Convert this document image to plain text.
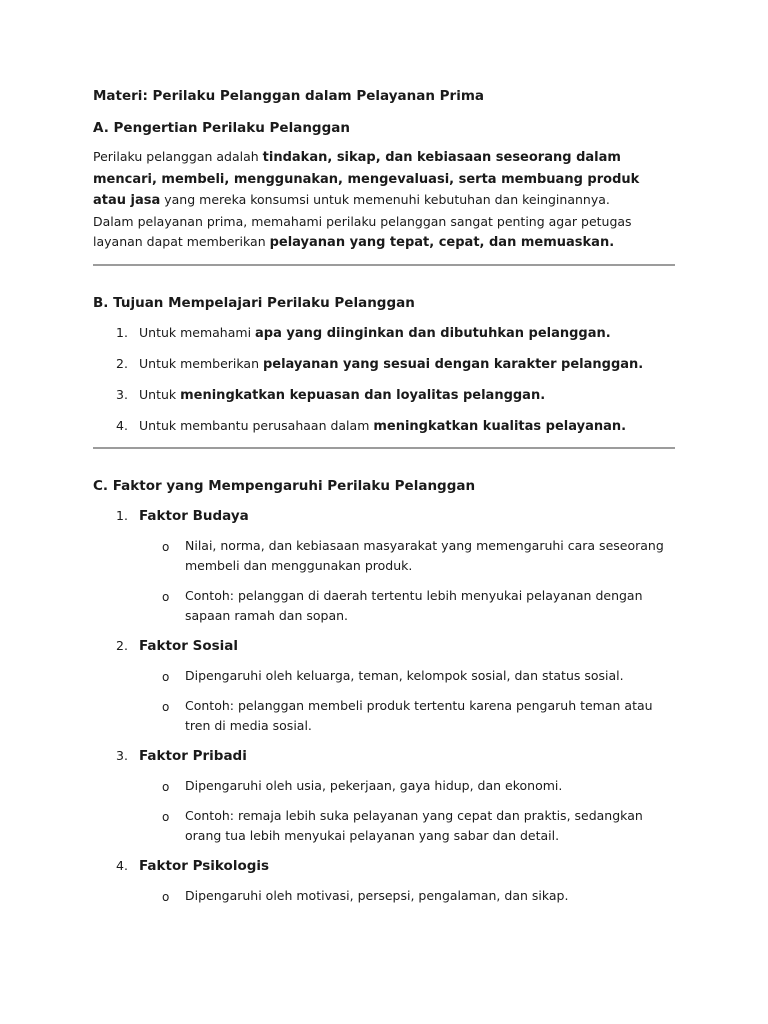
Materi: Perilaku Pelanggan dalam Pelayanan Prima

A. Pengertian Perilaku Pelanggan

Perilaku pelanggan adalah tindakan, sikap, dan kebiasaan seseorang dalam mencari, membeli, menggunakan, mengevaluasi, serta membuang produk atau jasa yang mereka konsumsi untuk memenuhi kebutuhan dan keinginannya.

Dalam pelayanan prima, memahami perilaku pelanggan sangat penting agar petugas layanan dapat memberikan pelayanan yang tepat, cepat, dan memuaskan.

B. Tujuan Mempelajari Perilaku Pelanggan

1. Untuk memahami apa yang diinginkan dan dibutuhkan pelanggan.
2. Untuk memberikan pelayanan yang sesuai dengan karakter pelanggan.
3. Untuk meningkatkan kepuasan dan loyalitas pelanggan.
4. Untuk membantu perusahaan dalam meningkatkan kualitas pelayanan.

C. Faktor yang Mempengaruhi Perilaku Pelanggan

1. Faktor Budaya
o Nilai, norma, dan kebiasaan masyarakat yang memengaruhi cara seseorang membeli dan menggunakan produk.
o Contoh: pelanggan di daerah tertentu lebih menyukai pelayanan dengan sapaan ramah dan sopan.
2. Faktor Sosial
o Dipengaruhi oleh keluarga, teman, kelompok sosial, dan status sosial.
o Contoh: pelanggan membeli produk tertentu karena pengaruh teman atau tren di media sosial.
3. Faktor Pribadi
o Dipengaruhi oleh usia, pekerjaan, gaya hidup, dan ekonomi.
o Contoh: remaja lebih suka pelayanan yang cepat dan praktis, sedangkan orang tua lebih menyukai pelayanan yang sabar dan detail.
4. Faktor Psikologis
o Dipengaruhi oleh motivasi, persepsi, pengalaman, dan sikap.
